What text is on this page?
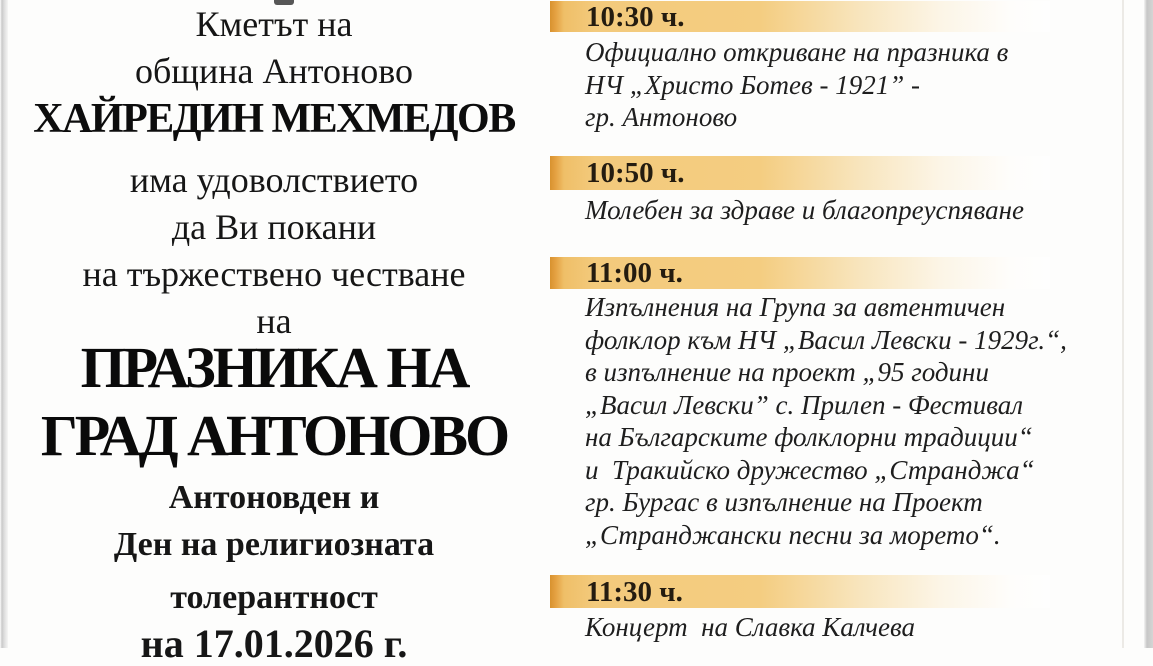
Кметът на
община Антоново
ХАЙРЕДИН МЕХМЕДОВ
има удоволствието
да Ви покани
на тържествено честване
на
ПРАЗНИКА НА
ГРАД АНТОНОВО
Антоновден и
Ден на религиозната
толерантност
на 17.01.2026 г.
10:30 ч.
Официално откриване на празника в
НЧ „Христо Ботев - 1921” -
гр. Антоново
10:50 ч.
Молебен за здраве и благопреуспяване
11:00 ч.
Изпълнения на Група за автентичен
фолклор към НЧ „Васил Левски - 1929г.“,
в изпълнение на проект „95 години
„Васил Левски” с. Прилеп - Фестивал
на Българските фолклорни традиции“
и  Тракийско дружество „Странджа“
гр. Бургас в изпълнение на Проект
„Странджански песни за морето“.
11:30 ч.
Концерт  на Славка Калчева
